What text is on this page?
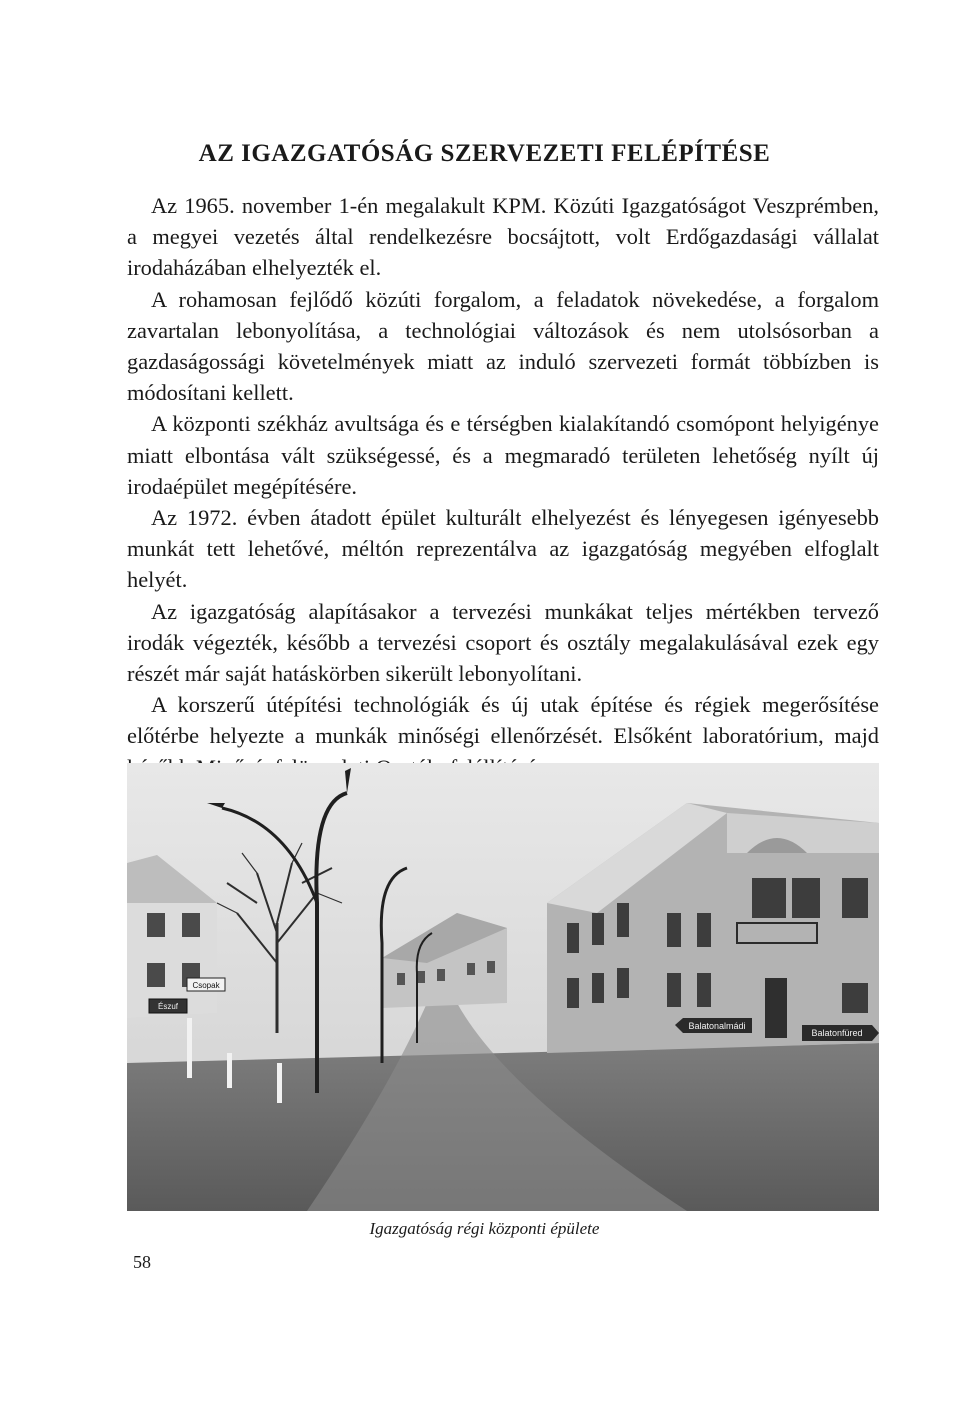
AZ IGAZGATÓSÁG SZERVEZETI FELÉPÍTÉSE

Az 1965. november 1-én megalakult KPM. Közúti Igazgatóságot Veszprémben, a megyei vezetés által rendelkezésre bocsájtott, volt Erdőgazdasági vállalat irodaházában elhelyezték el.

A rohamosan fejlődő közúti forgalom, a feladatok növekedése, a forgalom zavartalan lebonyolítása, a technológiai változások és nem utolsósorban a gazdaságossági követelmények miatt az induló szervezeti formát többízben is módosítani kellett.

A központi székház avultsága és e térségben kialakítandó csomópont helyigénye miatt elbontása vált szükségessé, és a megmaradó területen lehetőség nyílt új irodaépület megépítésére.

Az 1972. évben átadott épület kulturált elhelyezést és lényegesen igényesebb munkát tett lehetővé, méltón reprezentálva az igazgatóság megyében elfoglalt helyét.

Az igazgatóság alapításakor a tervezési munkákat teljes mértékben tervező irodák végezték, később a tervezési csoport és osztály megalakulásával ezek egy részét már saját hatáskörben sikerült lebonyolítani.

A korszerű útépítési technológiák és új utak építése és régiek megerősítése előtérbe helyezte a munkák minőségi ellenőrzését. Elsőként laboratórium, majd

Csopak
Észuf
Balatonalmádi
Balatonfüred

Igazgatóság régi központi épülete

58
